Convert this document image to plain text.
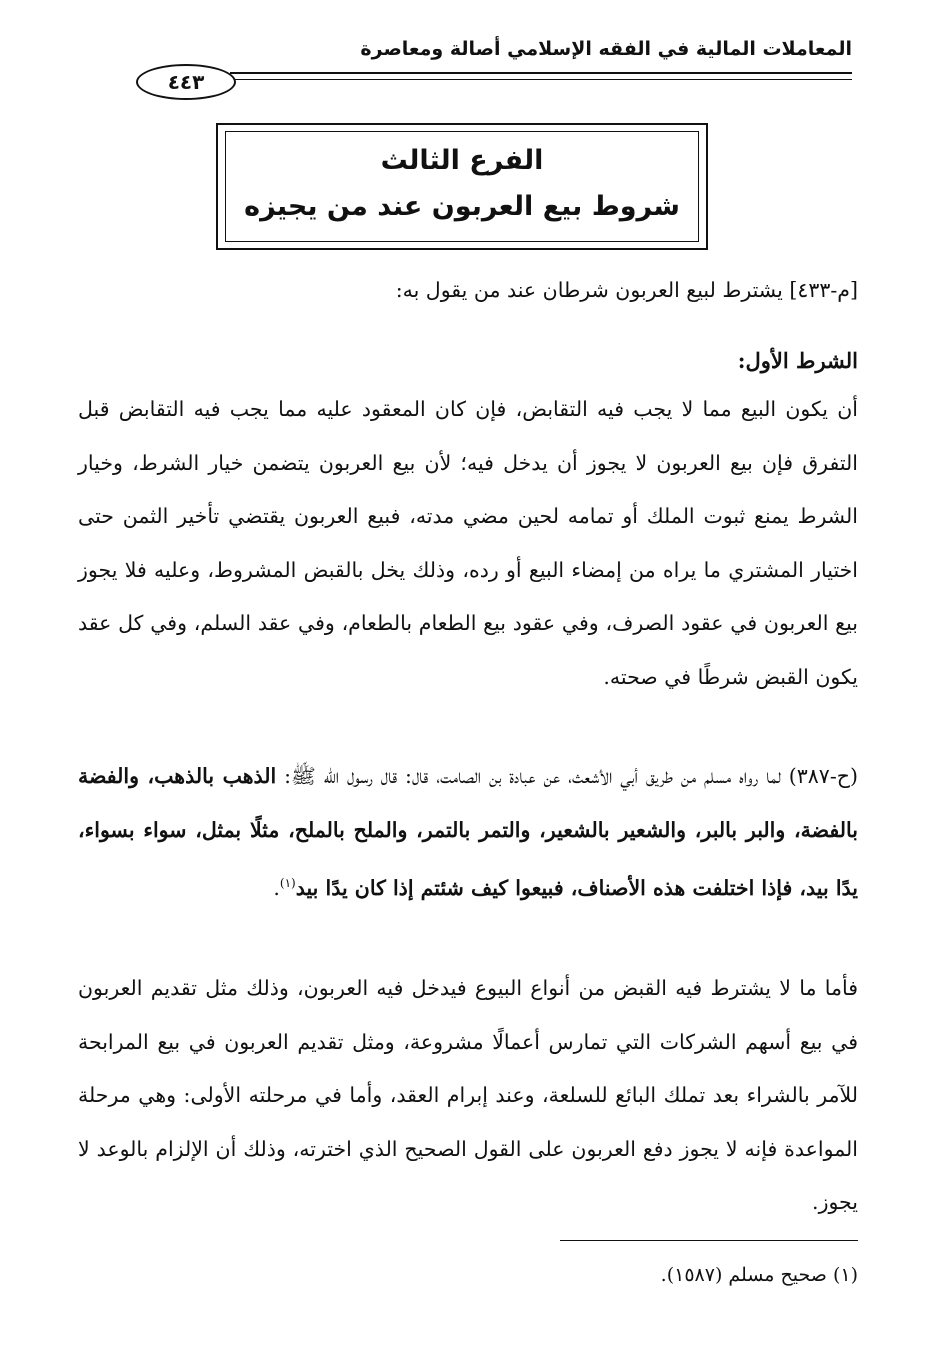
المعاملات المالية في الفقه الإسلامي أصالة ومعاصرة
٤٤٣
الفرع الثالث
شروط بيع العربون عند من يجيزه
[م-٤٣٣] يشترط لبيع العربون شرطان عند من يقول به:
الشرط الأول:
أن يكون البيع مما لا يجب فيه التقابض، فإن كان المعقود عليه مما يجب فيه التقابض قبل التفرق فإن بيع العربون لا يجوز أن يدخل فيه؛ لأن بيع العربون يتضمن خيار الشرط، وخيار الشرط يمنع ثبوت الملك أو تمامه لحين مضي مدته، فبيع العربون يقتضي تأخير الثمن حتى اختيار المشتري ما يراه من إمضاء البيع أو رده، وذلك يخل بالقبض المشروط، وعليه فلا يجوز بيع العربون في عقود الصرف، وفي عقود بيع الطعام بالطعام، وفي عقد السلم، وفي كل عقد يكون القبض شرطًا في صحته.
(ح-٣٨٧) لما رواه مسلم من طريق أبي الأشعث، عن عبادة بن الصامت، قال: قال رسول الله ﷺ: الذهب بالذهب، والفضة بالفضة، والبر بالبر، والشعير بالشعير، والتمر بالتمر، والملح بالملح، مثلًا بمثل، سواء بسواء، يدًا بيد، فإذا اختلفت هذه الأصناف، فبيعوا كيف شئتم إذا كان يدًا بيد$^{(١)}$.
فأما ما لا يشترط فيه القبض من أنواع البيوع فيدخل فيه العربون، وذلك مثل تقديم العربون في بيع أسهم الشركات التي تمارس أعمالًا مشروعة، ومثل تقديم العربون في بيع المرابحة للآمر بالشراء بعد تملك البائع للسلعة، وعند إبرام العقد، وأما في مرحلته الأولى: وهي مرحلة المواعدة فإنه لا يجوز دفع العربون على القول الصحيح الذي اخترته، وذلك أن الإلزام بالوعد لا يجوز.
(١) صحيح مسلم (١٥٨٧).
